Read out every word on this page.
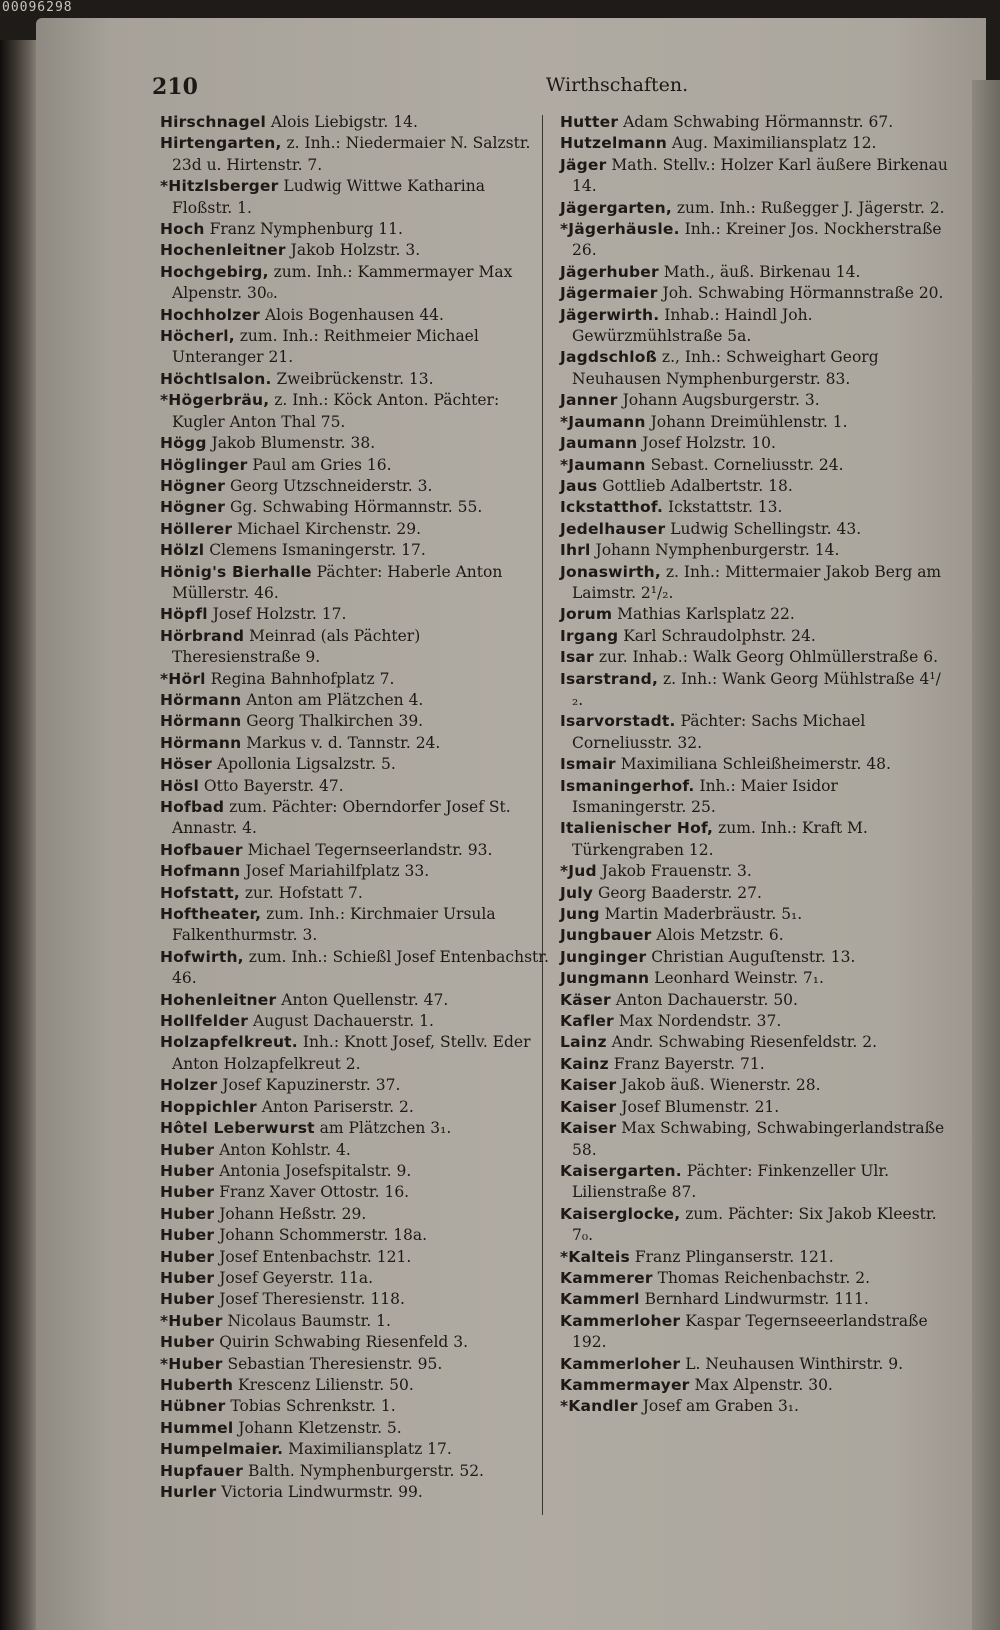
00096298
210	Wirthschaften.

Hirschnagel Alois Liebigstr. 14.

Hirtengarten, z. Inh.: Niedermaier N. Salzstr. 23d u. Hirtenstr. 7.

*Hitzlsberger Ludwig Wittwe Katharina Floßstr. 1.

Hoch Franz Nymphenburg 11.

Hochenleitner Jakob Holzstr. 3.

Hochgebirg, zum. Inh.: Kammermayer Max Alpenstr. 30₀.

Hochholzer Alois Bogenhausen 44.

Höcherl, zum. Inh.: Reithmeier Michael Unteranger 21.

Höchtlsalon. Zweibrückenstr. 13.

*Högerbräu, z. Inh.: Köck Anton. Pächter: Kugler Anton Thal 75.

Högg Jakob Blumenstr. 38.

Höglinger Paul am Gries 16.

Högner Georg Utzschneiderstr. 3.

Högner Gg. Schwabing Hörmannstr. 55.

Höllerer Michael Kirchenstr. 29.

Hölzl Clemens Ismaningerstr. 17.

Hönig's Bierhalle Pächter: Haberle Anton Müllerstr. 46.

Höpfl Josef Holzstr. 17.

Hörbrand Meinrad (als Pächter) Theresienstraße 9.

*Hörl Regina Bahnhofplatz 7.

Hörmann Anton am Plätzchen 4.

Hörmann Georg Thalkirchen 39.

Hörmann Markus v. d. Tannstr. 24.

Höser Apollonia Ligsalzstr. 5.

Hösl Otto Bayerstr. 47.

Hofbad zum. Pächter: Oberndorfer Josef St. Annastr. 4.

Hofbauer Michael Tegernseerlandstr. 93.

Hofmann Josef Mariahilfplatz 33.

Hofstatt, zur. Hofstatt 7.

Hoftheater, zum. Inh.: Kirchmaier Ursula Falkenthurmstr. 3.

Hofwirth, zum. Inh.: Schießl Josef Entenbachstr. 46.

Hohenleitner Anton Quellenstr. 47.

Hollfelder August Dachauerstr. 1.

Holzapfelkreut. Inh.: Knott Josef, Stellv. Eder Anton Holzapfelkreut 2.

Holzer Josef Kapuzinerstr. 37.

Hoppichler Anton Pariserstr. 2.

Hôtel Leberwurst am Plätzchen 3₁.

Huber Anton Kohlstr. 4.

Huber Antonia Josefspitalstr. 9.

Huber Franz Xaver Ottostr. 16.

Huber Johann Heßstr. 29.

Huber Johann Schommerstr. 18a.

Huber Josef Entenbachstr. 121.

Huber Josef Geyerstr. 11a.

Huber Josef Theresienstr. 118.

*Huber Nicolaus Baumstr. 1.

Huber Quirin Schwabing Riesenfeld 3.

*Huber Sebastian Theresienstr. 95.

Huberth Krescenz Lilienstr. 50.

Hübner Tobias Schrenkstr. 1.

Hummel Johann Kletzenstr. 5.

Humpelmaier. Maximiliansplatz 17.

Hupfauer Balth. Nymphenburgerstr. 52.

Hurler Victoria Lindwurmstr. 99.

Hutter Adam Schwabing Hörmannstr. 67.

Hutzelmann Aug. Maximiliansplatz 12.

Jäger Math. Stellv.: Holzer Karl äußere Birkenau 14.

Jägergarten, zum. Inh.: Rußegger J. Jägerstr. 2.

*Jägerhäusle. Inh.: Kreiner Jos. Nockherstraße 26.

Jägerhuber Math., äuß. Birkenau 14.

Jägermaier Joh. Schwabing Hörmannstraße 20.

Jägerwirth. Inhab.: Haindl Joh. Gewürzmühlstraße 5a.

Jagdschloß z., Inh.: Schweighart Georg Neuhausen Nymphenburgerstr. 83.

Janner Johann Augsburgerstr. 3.

*Jaumann Johann Dreimühlenstr. 1.

Jaumann Josef Holzstr. 10.

*Jaumann Sebast. Corneliusstr. 24.

Jaus Gottlieb Adalbertstr. 18.

Ickstatthof. Ickstattstr. 13.

Jedelhauser Ludwig Schellingstr. 43.

Ihrl Johann Nymphenburgerstr. 14.

Jonaswirth, z. Inh.: Mittermaier Jakob Berg am Laimstr. 2¹/₂.

Jorum Mathias Karlsplatz 22.

Irgang Karl Schraudolphstr. 24.

Isar zur. Inhab.: Walk Georg Ohlmüllerstraße 6.

Isarstrand, z. Inh.: Wank Georg Mühlstraße 4¹/₂.

Isarvorstadt. Pächter: Sachs Michael Corneliusstr. 32.

Ismair Maximiliana Schleißheimerstr. 48.

Ismaningerhof. Inh.: Maier Isidor Ismaningerstr. 25.

Italienischer Hof, zum. Inh.: Kraft M. Türkengraben 12.

*Jud Jakob Frauenstr. 3.

July Georg Baaderstr. 27.

Jung Martin Maderbräustr. 5₁.

Jungbauer Alois Metzstr. 6.

Junginger Christian Auguſtenstr. 13.

Jungmann Leonhard Weinstr. 7₁.

Käser Anton Dachauerstr. 50.

Kafler Max Nordendstr. 37.

Lainz Andr. Schwabing Riesenfeldstr. 2.

Kainz Franz Bayerstr. 71.

Kaiser Jakob äuß. Wienerstr. 28.

Kaiser Josef Blumenstr. 21.

Kaiser Max Schwabing, Schwabingerlandstraße 58.

Kaisergarten. Pächter: Finkenzeller Ulr. Lilienstraße 87.

Kaiserglocke, zum. Pächter: Six Jakob Kleestr. 7₀.

*Kalteis Franz Plinganserstr. 121.

Kammerer Thomas Reichenbachstr. 2.

Kammerl Bernhard Lindwurmstr. 111.

Kammerloher Kaspar Tegernseeerlandstraße 192.

Kammerloher L. Neuhausen Winthirstr. 9.

Kammermayer Max Alpenstr. 30.

*Kandler Josef am Graben 3₁.
